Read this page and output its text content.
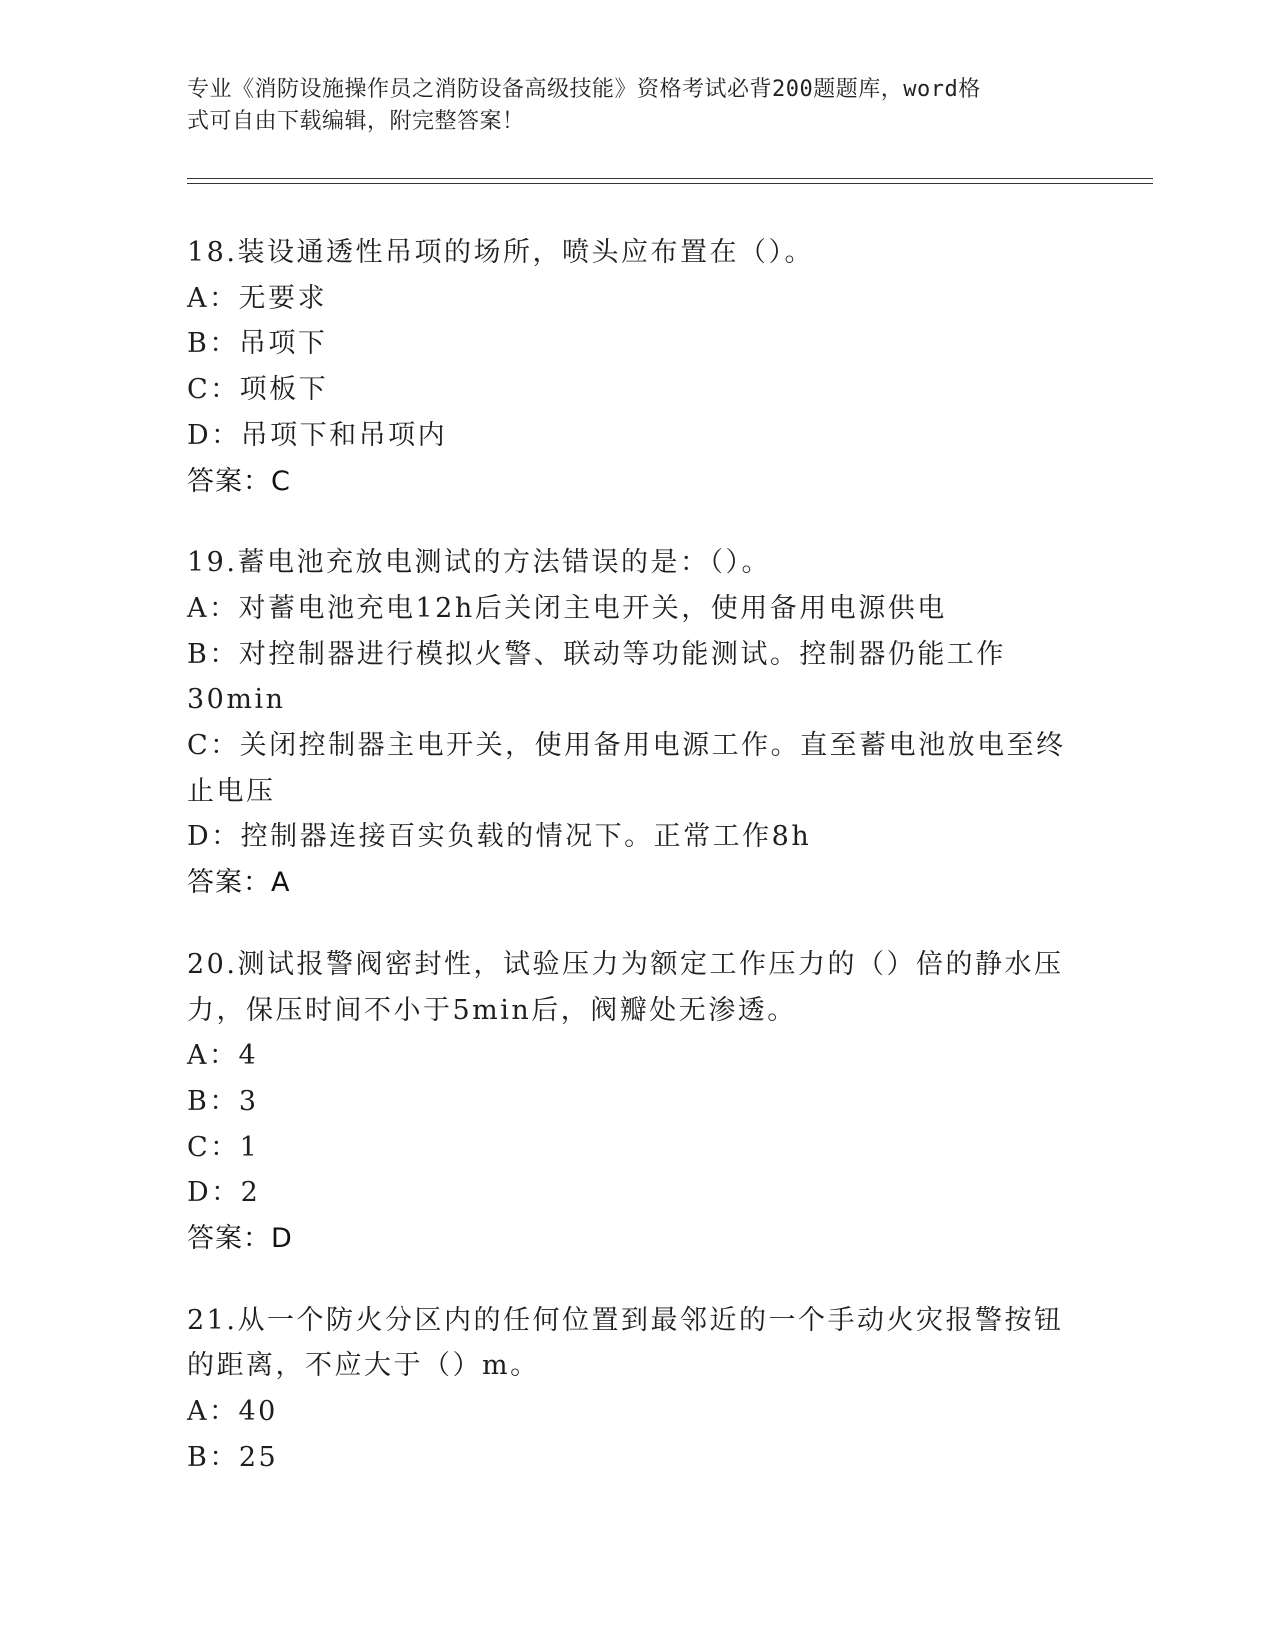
专业《消防设施操作员之消防设备高级技能》资格考试必背200题题库，word格
式可自由下载编辑，附完整答案！
18.装设通透性吊项的场所，喷头应布置在（）。
A：无要求
B：吊项下
C：项板下
D：吊项下和吊项内
答案：C
19.蓄电池充放电测试的方法错误的是：（）。
A：对蓄电池充电12h后关闭主电开关，使用备用电源供电
B：对控制器进行模拟火警、联动等功能测试。控制器仍能工作30min
C：关闭控制器主电开关，使用备用电源工作。直至蓄电池放电至终止电压
D：控制器连接百实负载的情况下。正常工作8h
答案：A
20.测试报警阀密封性，试验压力为额定工作压力的（）倍的静水压力，保压时间不小于5min后，阀瓣处无渗透。
A：4
B：3
C：1
D：2
答案：D
21.从一个防火分区内的任何位置到最邻近的一个手动火灾报警按钮的距离，不应大于（）m。
A：40
B：25
